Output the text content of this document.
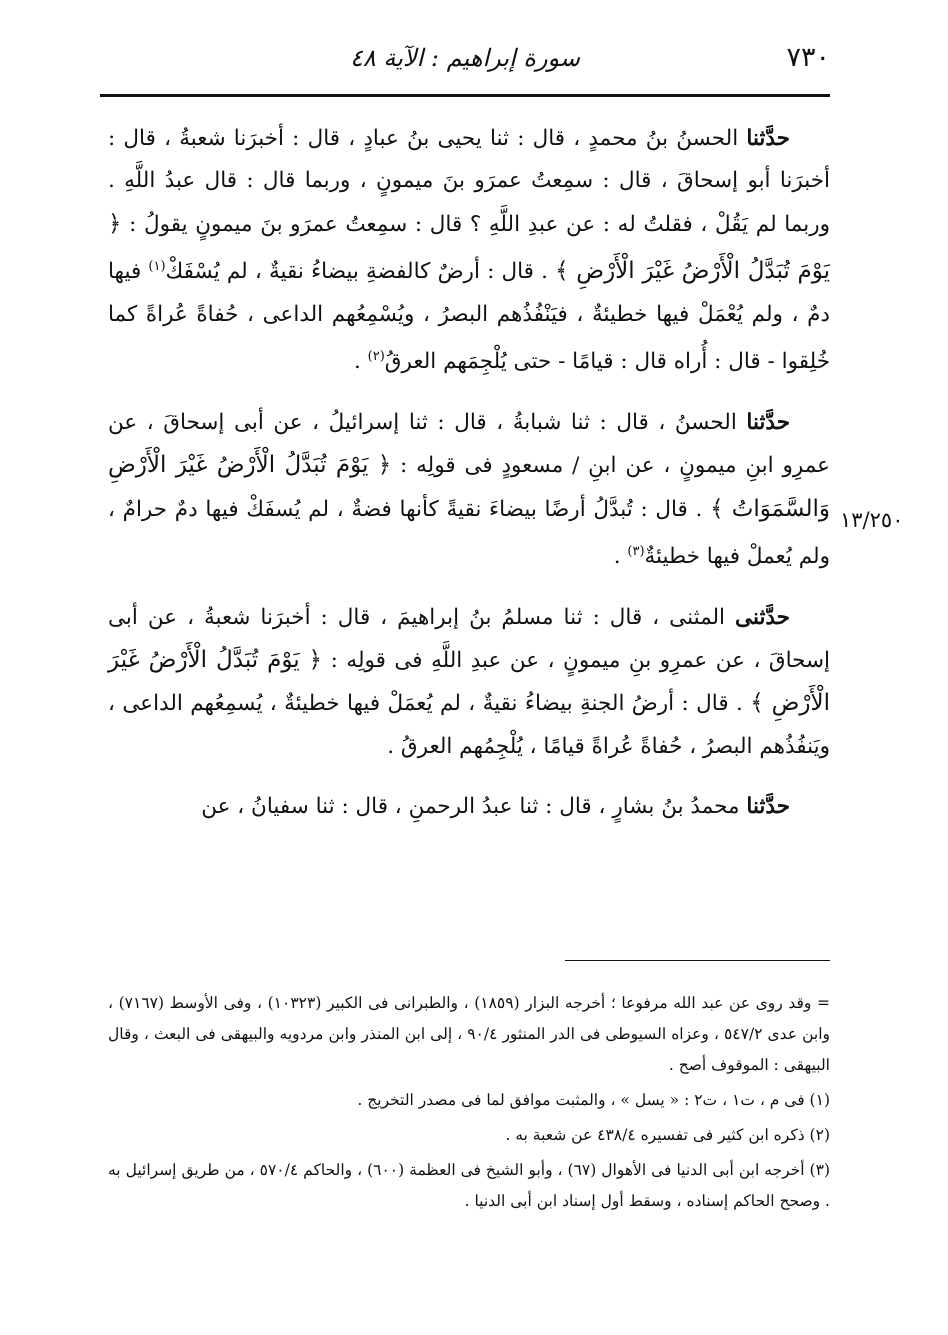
٧٣٠
سورة إبراهيم : الآية ٤٨
١٣/٢٥٠

حدَّثنا الحسنُ بنُ محمدٍ ، قال : ثنا يحيى بنُ عبادٍ ، قال : أخبرَنا شعبةُ ، قال : أخبرَنا أبو إسحاقَ ، قال : سمِعتُ عمرَو بنَ ميمونٍ ، وربما قال : قال عبدُ اللَّهِ . وربما لم يَقُلْ ، فقلتُ له : عن عبدِ اللَّهِ ؟ قال : سمِعتُ عمرَو بنَ ميمونٍ يقولُ : ﴿ يَوْمَ تُبَدَّلُ الْأَرْضُ غَيْرَ الْأَرْضِ ﴾ . قال : أرضٌ كالفضةِ بيضاءُ نقيةٌ ، لم يُسْفَكْ$^{(١)}$ فيها دمٌ ، ولم يُعْمَلْ فيها خطيئةٌ ، فيَنْفُذُهم البصرُ ، ويُسْمِعُهم الداعى ، حُفاةً عُراةً كما خُلِقوا - قال : أُراه قال : قيامًا - حتى يُلْجِمَهم العرقُ$^{(٢)}$ .

حدَّثنا الحسنُ ، قال : ثنا شبابةُ ، قال : ثنا إسرائيلُ ، عن أبى إسحاقَ ، عن عمرِو ابنِ ميمونٍ ، عن ابنِ / مسعودٍ فى قولِه : ﴿ يَوْمَ تُبَدَّلُ الْأَرْضُ غَيْرَ الْأَرْضِ وَالسَّمَوَاتُ ﴾ . قال : تُبدَّلُ أرضًا بيضاءَ نقيةً كأنها فضةٌ ، لم يُسفَكْ فيها دمٌ حرامٌ ، ولم يُعملْ فيها خطيئةٌ$^{(٣)}$ .

حدَّثنى المثنى ، قال : ثنا مسلمُ بنُ إبراهيمَ ، قال : أخبرَنا شعبةُ ، عن أبى إسحاقَ ، عن عمرِو بنِ ميمونٍ ، عن عبدِ اللَّهِ فى قولِه : ﴿ يَوْمَ تُبَدَّلُ الْأَرْضُ غَيْرَ الْأَرْضِ ﴾ . قال : أرضُ الجنةِ بيضاءُ نقيةٌ ، لم يُعمَلْ فيها خطيئةٌ ، يُسمِعُهم الداعى ، ويَنفُذُهم البصرُ ، حُفاةً عُراةً قيامًا ، يُلْجِمُهم العرقُ .

حدَّثنا محمدُ بنُ بشارٍ ، قال : ثنا عبدُ الرحمنِ ، قال : ثنا سفيانُ ، عن

= وقد روى عن عبد الله مرفوعا ؛ أخرجه البزار (١٨٥٩) ، والطبرانى فى الكبير (١٠٣٢٣) ، وفى الأوسط (٧١٦٧) ، وابن عدى ٥٤٧/٢ ، وعزاه السيوطى فى الدر المنثور ٩٠/٤ ، إلى ابن المنذر وابن مردويه والبيهقى فى البعث ، وقال البيهقى : الموقوف أصح .

(١) فى م ، ت١ ، ت٢ : « يسل » ، والمثبت موافق لما فى مصدر التخريج .

(٢) ذكره ابن كثير فى تفسيره ٤٣٨/٤ عن شعبة به .

(٣) أخرجه ابن أبى الدنيا فى الأهوال (٦٧) ، وأبو الشيخ فى العظمة (٦٠٠) ، والحاكم ٥٧٠/٤ ، من طريق إسرائيل به . وصحح الحاكم إسناده ، وسقط أول إسناد ابن أبى الدنيا .
